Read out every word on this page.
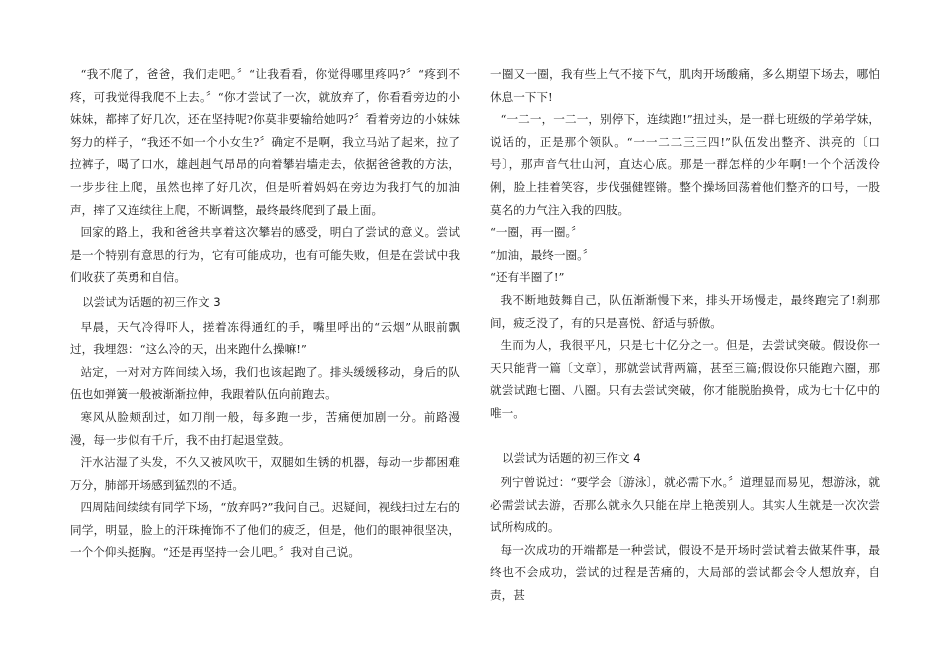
“我不爬了，爸爸，我们走吧。〞“让我看看，你觉得哪里疼吗?〞“疼到不疼，可我觉得我爬不上去。〞“你才尝试了一次，就放弃了，你看看旁边的小妹妹，都摔了好几次，还在坚持呢?你莫非要输给她吗?〞看着旁边的小妹妹努力的样子，“我还不如一个小女生?〞确定不是啊，我立马站了起来，拉了拉裤子，喝了口水，雄赳赳气昂昂的向着攀岩墙走去，依据爸爸教的方法，一步步往上爬，虽然也摔了好几次，但是听着妈妈在旁边为我打气的加油声，摔了又连续往上爬，不断调整，最终最终爬到了最上面。

回家的路上，我和爸爸共享着这次攀岩的感受，明白了尝试的意义。尝试是一个特别有意思的行为，它有可能成功，也有可能失败，但是在尝试中我们收获了英勇和自信。

以尝试为话题的初三作文 3

早晨，天气冷得吓人，搓着冻得通红的手，嘴里呼出的“云烟”从眼前飘过，我埋怨：“这么冷的天，出来跑什么操嘛!”

站定，一对对方阵间续入场，我们也该起跑了。排头缓缓移动，身后的队伍也如弹簧一般被渐渐拉伸，我跟着队伍向前跑去。

寒风从脸颊刮过，如刀削一般，每多跑一步，苦痛便加剧一分。前路漫漫，每一步似有千斤，我不由打起退堂鼓。

汗水沾湿了头发，不久又被风吹干，双腿如生锈的机器，每动一步都困难万分，肺部开场感到猛烈的不适。

四周陆间续续有同学下场，“放弃吗?”我问自己。迟疑间，视线扫过左右的同学，明显，脸上的汗珠掩饰不了他们的疲乏，但是，他们的眼神很坚决，一个个仰头挺胸。“还是再坚持一会儿吧。〞我对自己说。

一圈又一圈，我有些上气不接下气，肌肉开场酸痛，多么期望下场去，哪怕休息一下下!

“一二一，一二一，别停下，连续跑!”扭过头，是一群七班级的学弟学妹，说话的，正是那个领队。“一一二二三三四!”队伍发出整齐、洪亮的〔口号〕，那声音气壮山河，直达心底。那是一群怎样的少年啊!一个个活泼伶俐，脸上挂着笑容，步伐强健铿锵。整个操场回荡着他们整齐的口号，一股莫名的力气注入我的四肢。

“一圈，再一圈。〞

“加油，最终一圈。〞

“还有半圈了!”

我不断地鼓舞自己，队伍渐渐慢下来，排头开场慢走，最终跑完了!刹那间，疲乏没了，有的只是喜悦、舒适与骄傲。

生而为人，我很平凡，只是七十亿分之一。但是，去尝试突破。假设你一天只能背一篇〔文章〕，那就尝试背两篇，甚至三篇;假设你只能跑六圈，那就尝试跑七圈、八圈。只有去尝试突破，你才能脱胎换骨，成为七十亿中的唯一。

以尝试为话题的初三作文 4

列宁曾说过：“要学会〔游泳〕，就必需下水。〞道理显而易见，想游泳，就必需尝试去游，否那么就永久只能在岸上艳羡别人。其实人生就是一次次尝试所构成的。

每一次成功的开端都是一种尝试，假设不是开场时尝试着去做某件事，最终也不会成功，尝试的过程是苦痛的，大局部的尝试都会令人想放弃，自责，甚
